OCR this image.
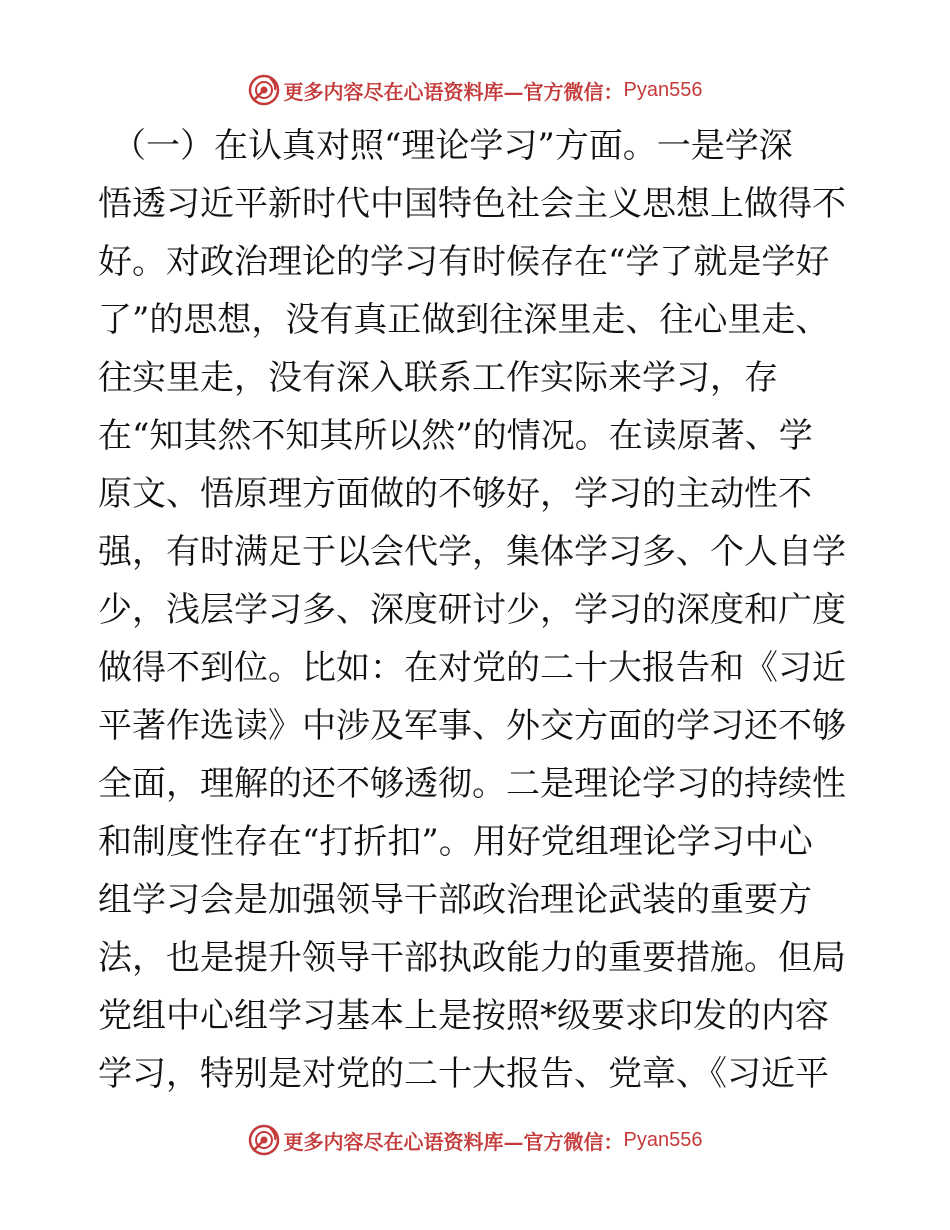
更多内容尽在心语资料库—官方微信： Pyan556
（一）在认真对照“理论学习”方面。一是学深
悟透习近平新时代中国特色社会主义思想上做得不
好。对政治理论的学习有时候存在“学了就是学好
了”的思想，没有真正做到往深里走、往心里走、
往实里走，没有深入联系工作实际来学习，存
在“知其然不知其所以然”的情况。在读原著、学
原文、悟原理方面做的不够好，学习的主动性不
强，有时满足于以会代学，集体学习多、个人自学
少，浅层学习多、深度研讨少，学习的深度和广度
做得不到位。比如：在对党的二十大报告和《习近
平著作选读》中涉及军事、外交方面的学习还不够
全面，理解的还不够透彻。二是理论学习的持续性
和制度性存在“打折扣”。用好党组理论学习中心
组学习会是加强领导干部政治理论武装的重要方
法，也是提升领导干部执政能力的重要措施。但局
党组中心组学习基本上是按照*级要求印发的内容
学习，特别是对党的二十大报告、党章、《习近平
更多内容尽在心语资料库—官方微信： Pyan556
